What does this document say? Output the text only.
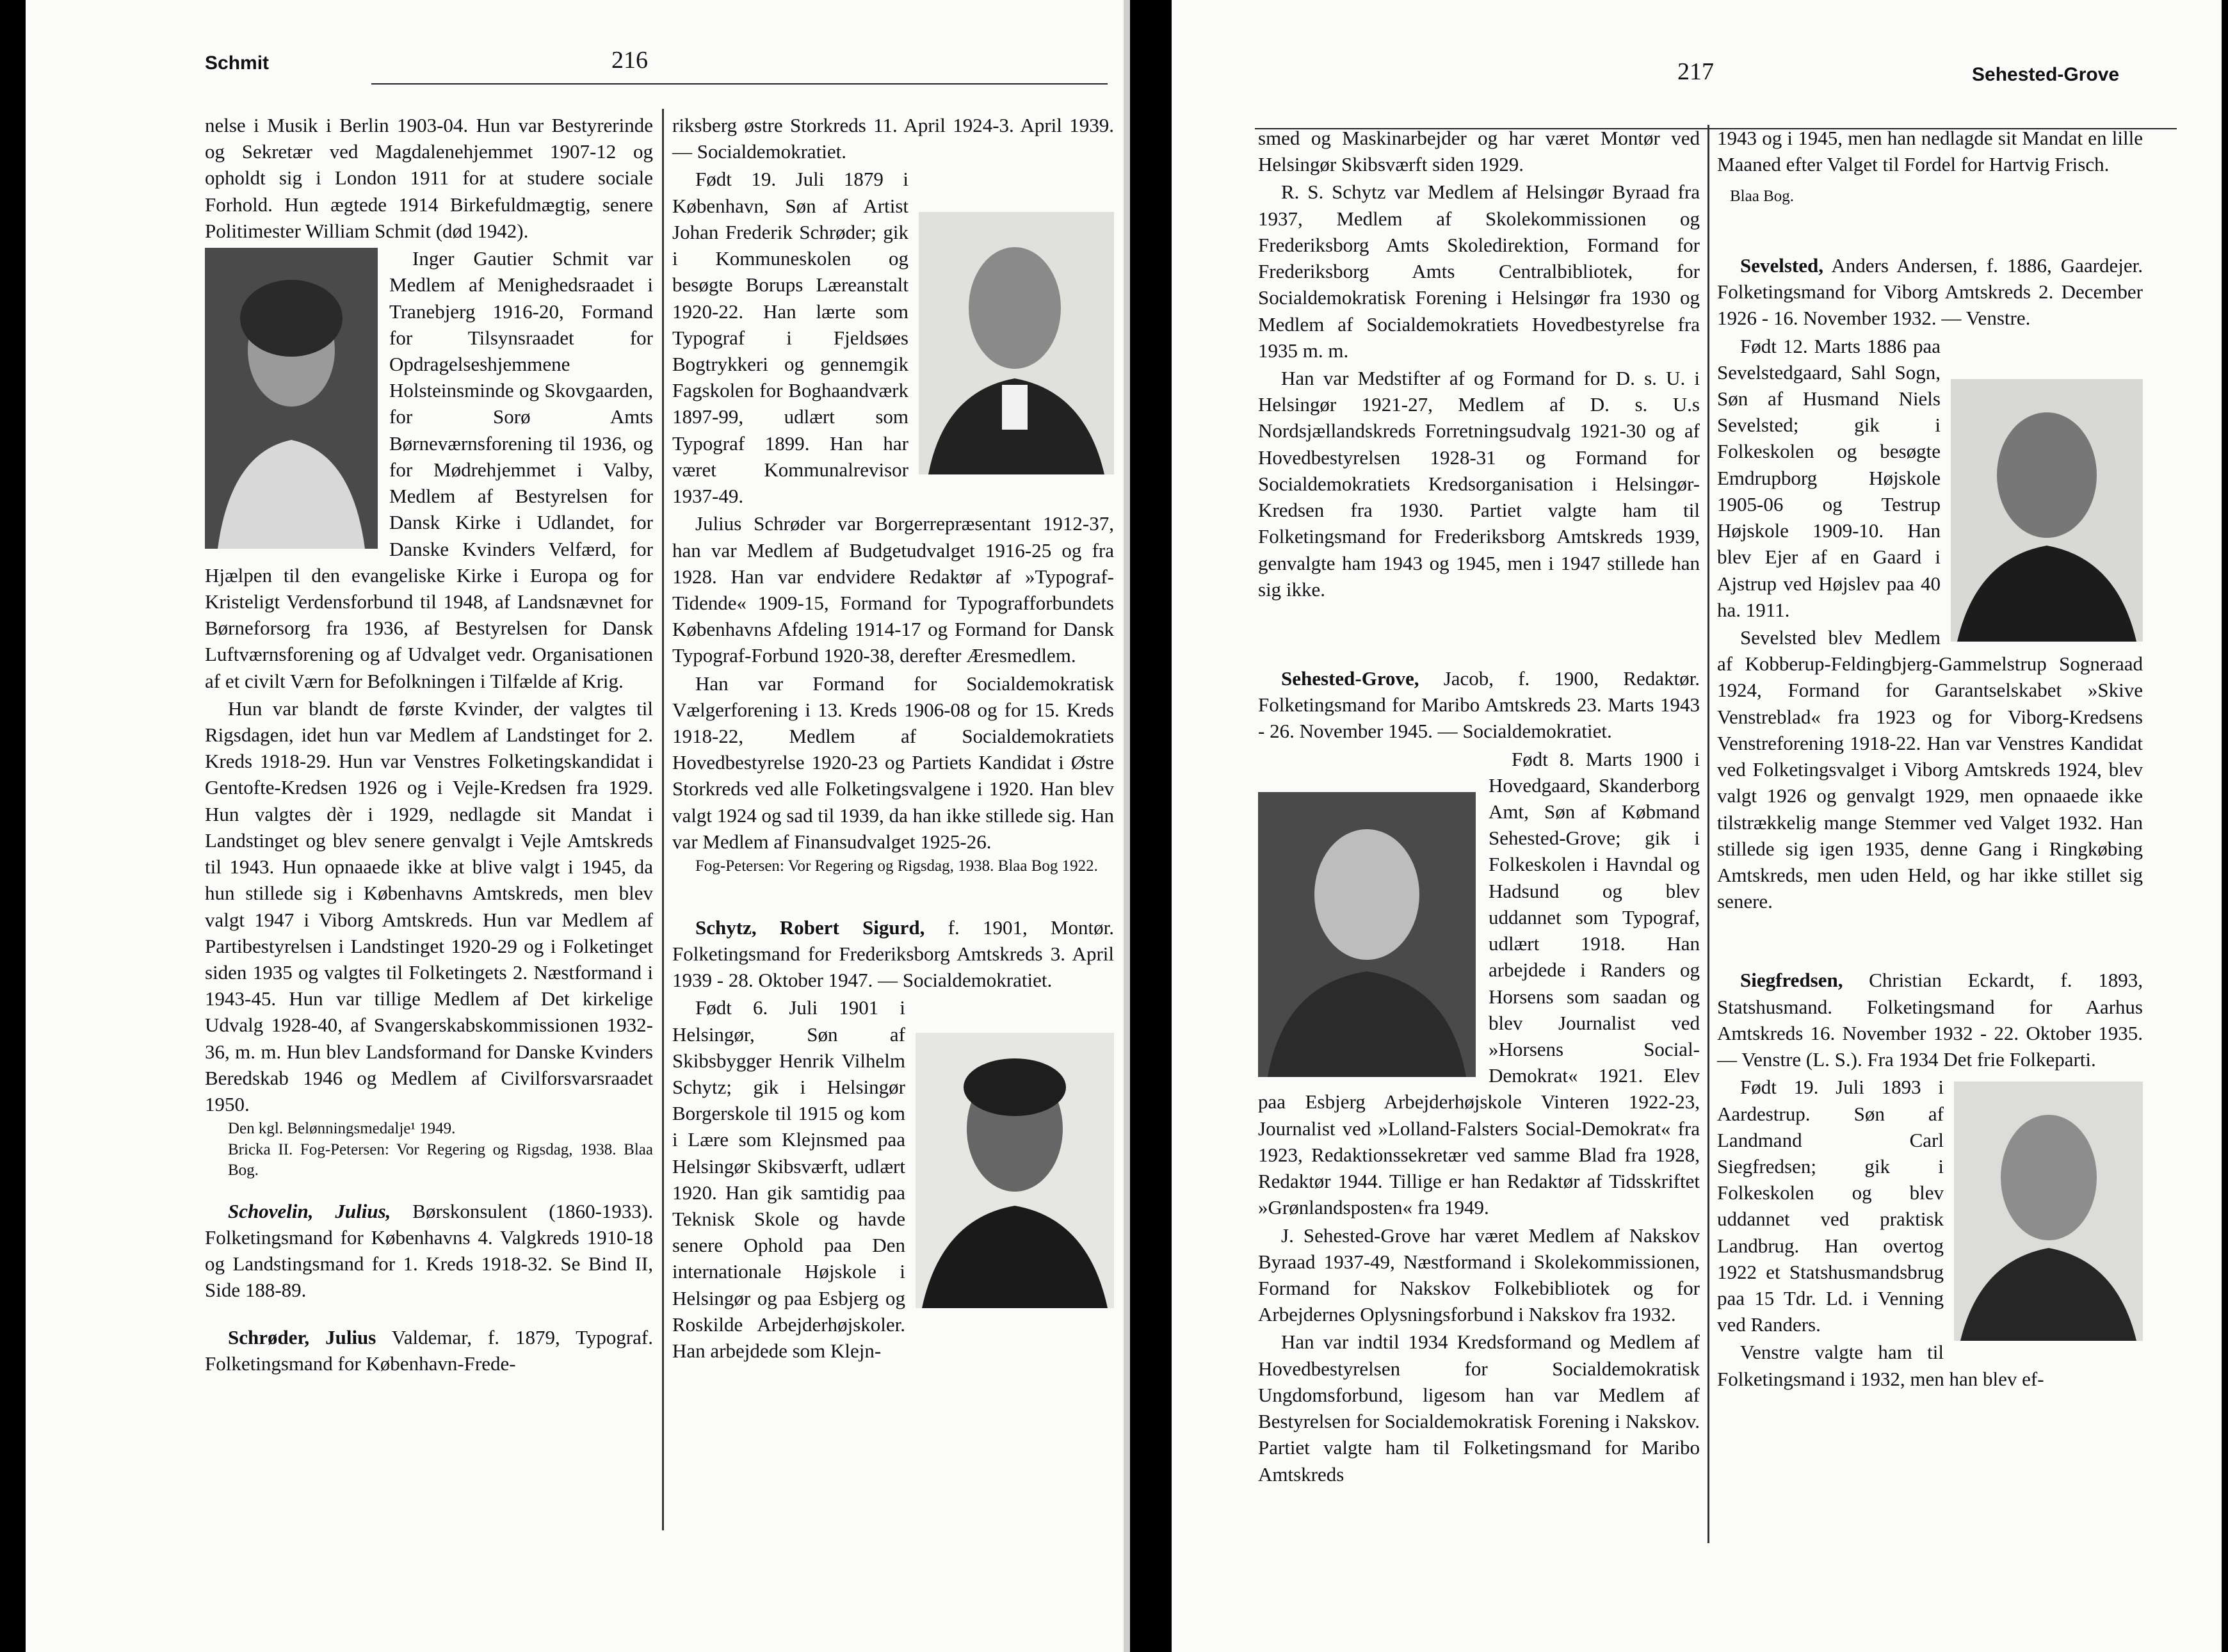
Schmit	216

nelse i Musik i Berlin 1903-04. Hun var Bestyrerinde og Sekretær ved Magdalenehjemmet 1907-12 og opholdt sig i London 1911 for at studere sociale Forhold. Hun ægtede 1914 Birkefuldmægtig, senere Politimester William Schmit (død 1942).

Inger Gautier Schmit var Medlem af Menighedsraadet i Tranebjerg 1916-20, Formand for Tilsynsraadet for Opdragelseshjemmene Holsteinsminde og Skovgaarden, for Sorø Amts Børneværnsforening til 1936, og for Mødrehjemmet i Valby, Medlem af Bestyrelsen for Dansk Kirke i Udlandet, for Danske Kvinders Velfærd, for Hjælpen til den evangeliske Kirke i Europa og for Kristeligt Verdensforbund til 1948, af Landsnævnet for Børneforsorg fra 1936, af Bestyrelsen for Dansk Luftværnsforening og af Udvalget vedr. Organisationen af et civilt Værn for Befolkningen i Tilfælde af Krig.

Hun var blandt de første Kvinder, der valgtes til Rigsdagen, idet hun var Medlem af Landstinget for 2. Kreds 1918-29. Hun var Venstres Folketingskandidat i Gentofte-Kredsen 1926 og i Vejle-Kredsen fra 1929. Hun valgtes dèr i 1929, nedlagde sit Mandat i Landstinget og blev senere genvalgt i Vejle Amtskreds til 1943. Hun opnaaede ikke at blive valgt i 1945, da hun stillede sig i Københavns Amtskreds, men blev valgt 1947 i Viborg Amtskreds. Hun var Medlem af Partibestyrelsen i Landstinget 1920-29 og i Folketinget siden 1935 og valgtes til Folketingets 2. Næstformand i 1943-45. Hun var tillige Medlem af Det kirkelige Udvalg 1928-40, af Svangerskabskommissionen 1932-36, m. m. Hun blev Landsformand for Danske Kvinders Beredskab 1946 og Medlem af Civilforsvarsraadet 1950.

Den kgl. Belønningsmedalje¹ 1949.

Bricka II. Fog-Petersen: Vor Regering og Rigsdag, 1938. Blaa Bog.

Schovelin, Julius, Børskonsulent (1860-1933). Folketingsmand for Københavns 4. Valgkreds 1910-18 og Landstingsmand for 1. Kreds 1918-32. Se Bind II, Side 188-89.

Schrøder, Julius Valdemar, f. 1879, Typograf. Folketingsmand for København-Frede-

riksberg østre Storkreds 11. April 1924-3. April 1939. — Socialdemokratiet.

Født 19. Juli 1879 i København, Søn af Artist Johan Frederik Schrøder; gik i Kommuneskolen og besøgte Borups Læreanstalt 1920-22. Han lærte som Typograf i Fjeldsøes Bogtrykkeri og gennemgik Fagskolen for Boghaandværk 1897-99, udlært som Typograf 1899. Han har været Kommunalrevisor 1937-49.

Julius Schrøder var Borgerrepræsentant 1912-37, han var Medlem af Budgetudvalget 1916-25 og fra 1928. Han var endvidere Redaktør af »Typograf-Tidende« 1909-15, Formand for Typografforbundets Københavns Afdeling 1914-17 og Formand for Dansk Typograf-Forbund 1920-38, derefter Æresmedlem.

Han var Formand for Socialdemokratisk Vælgerforening i 13. Kreds 1906-08 og for 15. Kreds 1918-22, Medlem af Socialdemokratiets Hovedbestyrelse 1920-23 og Partiets Kandidat i Østre Storkreds ved alle Folketingsvalgene i 1920. Han blev valgt 1924 og sad til 1939, da han ikke stillede sig. Han var Medlem af Finansudvalget 1925-26.

Fog-Petersen: Vor Regering og Rigsdag, 1938. Blaa Bog 1922.

Schytz, Robert Sigurd, f. 1901, Montør. Folketingsmand for Frederiksborg Amtskreds 3. April 1939 - 28. Oktober 1947. — Socialdemokratiet.

Født 6. Juli 1901 i Helsingør, Søn af Skibsbygger Henrik Vilhelm Schytz; gik i Helsingør Borgerskole til 1915 og kom i Lære som Klejnsmed paa Helsingør Skibsværft, udlært 1920. Han gik samtidig paa Teknisk Skole og havde senere Ophold paa Den internationale Højskole i Helsingør og paa Esbjerg og Roskilde Arbejderhøjskoler. Han arbejdede som Klejn-

217	Sehested-Grove

smed og Maskinarbejder og har været Montør ved Helsingør Skibsværft siden 1929.

R. S. Schytz var Medlem af Helsingør Byraad fra 1937, Medlem af Skolekommissionen og Frederiksborg Amts Skoledirektion, Formand for Frederiksborg Amts Centralbibliotek, for Socialdemokratisk Forening i Helsingør fra 1930 og Medlem af Socialdemokratiets Hovedbestyrelse fra 1935 m. m.

Han var Medstifter af og Formand for D. s. U. i Helsingør 1921-27, Medlem af D. s. U.s Nordsjællandskreds Forretningsudvalg 1921-30 og af Hovedbestyrelsen 1928-31 og Formand for Socialdemokratiets Kredsorganisation i Helsingør-Kredsen fra 1930. Partiet valgte ham til Folketingsmand for Frederiksborg Amtskreds 1939, genvalgte ham 1943 og 1945, men i 1947 stillede han sig ikke.

Sehested-Grove, Jacob, f. 1900, Redaktør. Folketingsmand for Maribo Amtskreds 23. Marts 1943 - 26. November 1945. — Socialdemokratiet.

Født 8. Marts 1900 i Hovedgaard, Skanderborg Amt, Søn af Købmand Sehested-Grove; gik i Folkeskolen i Havndal og Hadsund og blev uddannet som Typograf, udlært 1918. Han arbejdede i Randers og Horsens som saadan og blev Journalist ved »Horsens Social-Demokrat« 1921. Elev paa Esbjerg Arbejderhøjskole Vinteren 1922-23, Journalist ved »Lolland-Falsters Social-Demokrat« fra 1923, Redaktionssekretær ved samme Blad fra 1928, Redaktør 1944. Tillige er han Redaktør af Tidsskriftet »Grønlandsposten« fra 1949.

J. Sehested-Grove har været Medlem af Nakskov Byraad 1937-49, Næstformand i Skolekommissionen, Formand for Nakskov Folkebibliotek og for Arbejdernes Oplysningsforbund i Nakskov fra 1932.

Han var indtil 1934 Kredsformand og Medlem af Hovedbestyrelsen for Socialdemokratisk Ungdomsforbund, ligesom han var Medlem af Bestyrelsen for Socialdemokratisk Forening i Nakskov. Partiet valgte ham til Folketingsmand for Maribo Amtskreds

1943 og i 1945, men han nedlagde sit Mandat en lille Maaned efter Valget til Fordel for Hartvig Frisch.

Blaa Bog.

Sevelsted, Anders Andersen, f. 1886, Gaardejer. Folketingsmand for Viborg Amtskreds 2. December 1926 - 16. November 1932. — Venstre.

Født 12. Marts 1886 paa Sevelstedgaard, Sahl Sogn, Søn af Husmand Niels Sevelsted; gik i Folkeskolen og besøgte Emdrupborg Højskole 1905-06 og Testrup Højskole 1909-10. Han blev Ejer af en Gaard i Ajstrup ved Højslev paa 40 ha. 1911.

Sevelsted blev Medlem af Kobberup-Feldingbjerg-Gammelstrup Sogneraad 1924, Formand for Garantselskabet »Skive Venstreblad« fra 1923 og for Viborg-Kredsens Venstreforening 1918-22. Han var Venstres Kandidat ved Folketingsvalget i Viborg Amtskreds 1924, blev valgt 1926 og genvalgt 1929, men opnaaede ikke tilstrækkelig mange Stemmer ved Valget 1932. Han stillede sig igen 1935, denne Gang i Ringkøbing Amtskreds, men uden Held, og har ikke stillet sig senere.

Siegfredsen, Christian Eckardt, f. 1893, Statshusmand. Folketingsmand for Aarhus Amtskreds 16. November 1932 - 22. Oktober 1935. — Venstre (L. S.). Fra 1934 Det frie Folkeparti.

Født 19. Juli 1893 i Aardestrup. Søn af Landmand Carl Siegfredsen; gik i Folkeskolen og blev uddannet ved praktisk Landbrug. Han overtog 1922 et Statshusmandsbrug paa 15 Tdr. Ld. i Venning ved Randers.

Venstre valgte ham til Folketingsmand i 1932, men han blev ef-
